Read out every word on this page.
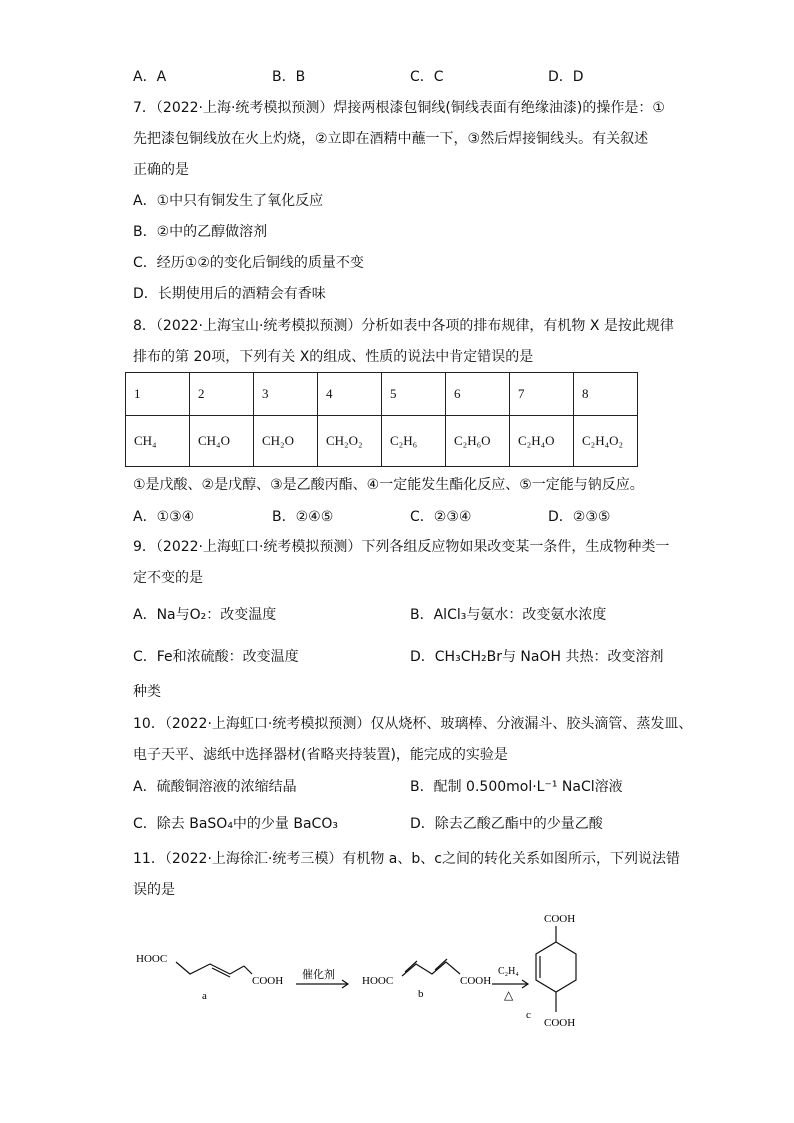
A．A	B．B	C．C	D．D
7．（2022·上海·统考模拟预测）焊接两根漆包铜线(铜线表面有绝缘油漆)的操作是：①
先把漆包铜线放在火上灼烧，②立即在酒精中蘸一下，③然后焊接铜线头。有关叙述
正确的是
A．①中只有铜发生了氧化反应
B．②中的乙醇做溶剂
C．经历①②的变化后铜线的质量不变
D．长期使用后的酒精会有香味
8．（2022·上海宝山·统考模拟预测）分析如表中各项的排布规律，有机物 X 是按此规律
排布的第 20项，下列有关 X的组成、性质的说法中肯定错误的是
1	2	3	4	5	6	7	8
CH₄	CH₄O	CH₂O	CH₂O₂	C₂H₆	C₂H₆O	C₂H₄O	C₂H₄O₂
①是戊酸、②是戊醇、③是乙酸丙酯、④一定能发生酯化反应、⑤一定能与钠反应。
A．①③④	B．②④⑤	C．②③④	D．②③⑤
9．（2022·上海虹口·统考模拟预测）下列各组反应物如果改变某一条件，生成物种类一
定不变的是
A．Na与O₂：改变温度	B．AlCl₃与氨水：改变氨水浓度
C．Fe和浓硫酸：改变温度	D．CH₃CH₂Br与 NaOH 共热：改变溶剂
种类
10．（2022·上海虹口·统考模拟预测）仅从烧杯、玻璃棒、分液漏斗、胶头滴管、蒸发皿、
电子天平、滤纸中选择器材(省略夹持装置)，能完成的实验是
A．硫酸铜溶液的浓缩结晶	B．配制 0.500mol·L⁻¹ NaCl溶液
C．除去 BaSO₄中的少量 BaCO₃	D．除去乙酸乙酯中的少量乙酸
11．（2022·上海徐汇·统考三模）有机物 a、b、c之间的转化关系如图所示，下列说法错
误的是
HOOC
COOH
a
催化剂 HOOC	COOH
b
C₂H₄
△
COOH
c
COOH
